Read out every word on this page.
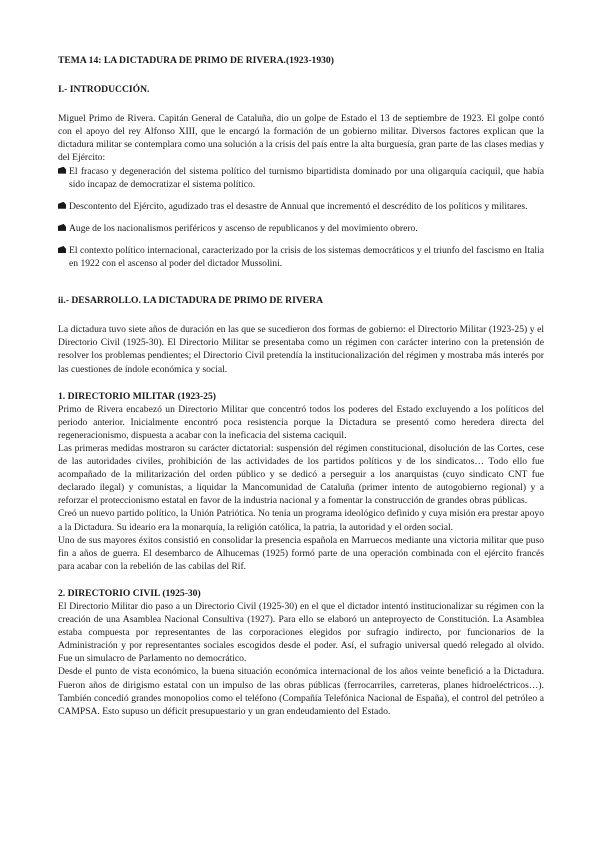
TEMA 14: LA DICTADURA DE PRIMO DE RIVERA.(1923-1930)
I.- INTRODUCCIÓN.

Miguel Primo de Rivera. Capitán General de Cataluña, dio un golpe de Estado el 13 de septiembre de 1923. El golpe contó con el apoyo del rey Alfonso XIII, que le encargó la formación de un gobierno militar. Diversos factores explican que la dictadura militar se contemplara como una solución a la crisis del país entre la alta burguesía, gran parte de las clases medias y del Ejército:

El fracaso y degeneración del sistema político del turnismo bipartidista dominado por una oligarquía caciquil, que había sido incapaz de democratizar el sistema político.

Descontento del Ejército, agudizado tras el desastre de Annual que incrementó el descrédito de los políticos y militares.

Auge de los nacionalismos periféricos y ascenso de republicanos y del movimiento obrero.

El contexto político internacional, caracterizado por la crisis de los sistemas democráticos y el triunfo del fascismo en Italia en 1922 con el ascenso al poder del dictador Mussolini.

ii.- DESARROLLO. LA DICTADURA DE PRIMO DE RIVERA

La dictadura tuvo siete años de duración en las que se sucedieron dos formas de gobierno: el Directorio Militar (1923-25) y el Directorio Civil (1925-30). El Directorio Militar se presentaba como un régimen con carácter interino con la pretensión de resolver los problemas pendientes; el Directorio Civil pretendía la institucionalización del régimen y mostraba más interés por las cuestiones de índole económica y social.

1. DIRECTORIO MILITAR (1923-25)

Primo de Rivera encabezó un Directorio Militar que concentró todos los poderes del Estado excluyendo a los políticos del periodo anterior. Inicialmente encontró poca resistencia porque la Dictadura se presentó como heredera directa del regeneracionismo, dispuesta a acabar con la ineficacia del sistema caciquil.

Las primeras medidas mostraron su carácter dictatorial: suspensión del régimen constitucional, disolución de las Cortes, cese de las autoridades civiles, prohibición de las actividades de los partidos políticos y de los sindicatos… Todo ello fue acompañado de la militarización del orden público y se dedicó a perseguir a los anarquistas (cuyo sindicato CNT fue declarado ilegal) y comunistas, a liquidar la Mancomunidad de Cataluña (primer intento de autogobierno regional) y a reforzar el proteccionismo estatal en favor de la industria nacional y a fomentar la construcción de grandes obras públicas.

Creó un nuevo partido político, la Unión Patriótica. No tenía un programa ideológico definido y cuya misión era prestar apoyo a la Dictadura. Su ideario era la monarquía, la religión católica, la patria, la autoridad y el orden social.

Uno de sus mayores éxitos consistió en consolidar la presencia española en Marruecos mediante una victoria militar que puso fin a años de guerra. El desembarco de Alhucemas (1925) formó parte de una operación combinada con el ejército francés para acabar con la rebelión de las cabilas del Rif.

2. DIRECTORIO CIVIL (1925-30)

El Directorio Militar dio paso a un Directorio Civil (1925-30) en el que el dictador intentó institucionalizar su régimen con la creación de una Asamblea Nacional Consultiva (1927). Para ello se elaboró un anteproyecto de Constitución. La Asamblea estaba compuesta por representantes de las corporaciones elegidos por sufragio indirecto, por funcionarios de la Administración y por representantes sociales escogidos desde el poder. Así, el sufragio universal quedó relegado al olvido. Fue un simulacro de Parlamento no democrático.

Desde el punto de vista económico, la buena situación económica internacional de los años veinte benefició a la Dictadura. Fueron años de dirigismo estatal con un impulso de las obras públicas (ferrocarriles, carreteras, planes hidroeléctricos…). También concedió grandes monopolios como el teléfono (Compañía Telefónica Nacional de España), el control del petróleo a CAMPSA. Esto supuso un déficit presupuestario y un gran endeudamiento del Estado.
